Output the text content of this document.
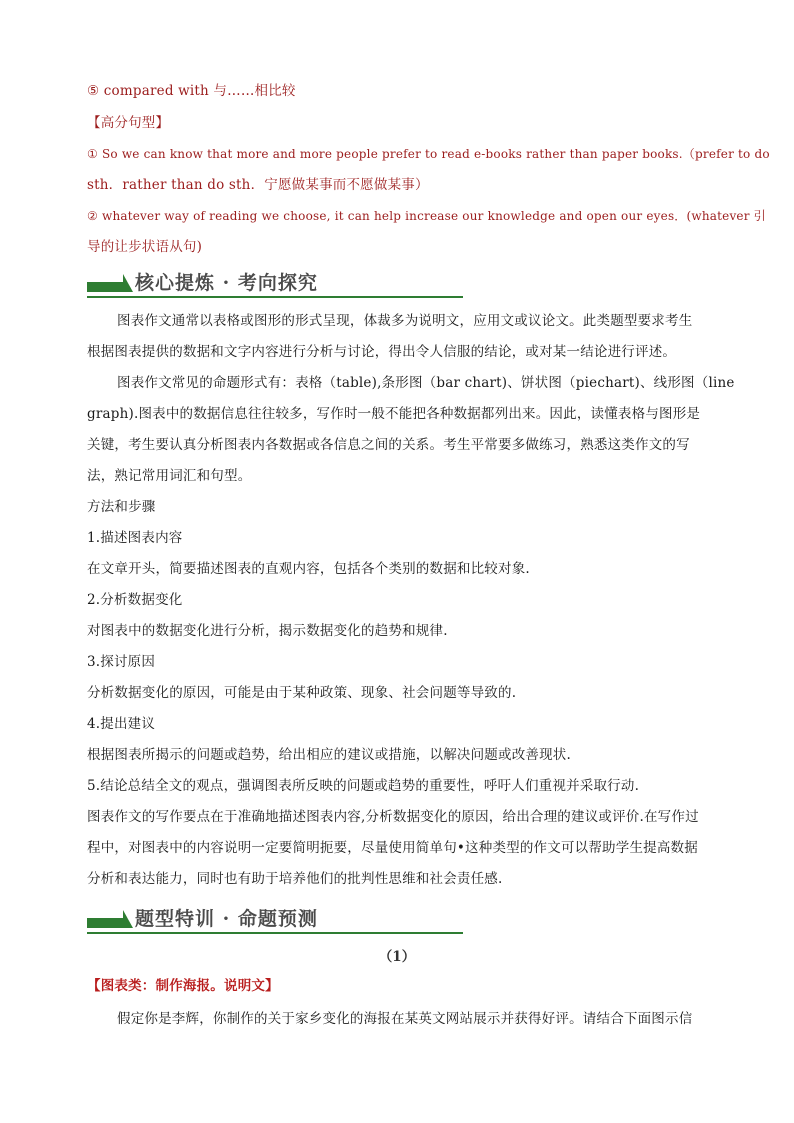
⑤ compared with 与……相比较
【高分句型】
① So we can know that more and more people prefer to read e-books rather than paper books.（prefer to do
sth．rather than do sth．宁愿做某事而不愿做某事）
② whatever way of reading we choose, it can help increase our knowledge and open our eyes．(whatever 引
导的让步状语从句)
核心提炼 · 考向探究
图表作文通常以表格或图形的形式呈现，体裁多为说明文，应用文或议论文。此类题型要求考生
根据图表提供的数据和文字内容进行分析与讨论，得出令人信服的结论，或对某一结论进行评述。
图表作文常见的命题形式有：表格（table),条形图（bar chart)、饼状图（piechart)、线形图（line
graph).图表中的数据信息往往较多，写作时一般不能把各种数据都列出来。因此，读懂表格与图形是
关键，考生要认真分析图表内各数据或各信息之间的关系。考生平常要多做练习，熟悉这类作文的写
法，熟记常用词汇和句型。
方法和步骤
1.描述图表内容
在文章开头，简要描述图表的直观内容，包括各个类别的数据和比较对象.
2.分析数据变化
对图表中的数据变化进行分析，揭示数据变化的趋势和规律.
3.探讨原因
分析数据变化的原因，可能是由于某种政策、现象、社会问题等导致的.
4.提出建议
根据图表所揭示的问题或趋势，给出相应的建议或措施，以解决问题或改善现状.
5.结论总结全文的观点，强调图表所反映的问题或趋势的重要性，呼吁人们重视并采取行动.
图表作文的写作要点在于准确地描述图表内容,分析数据变化的原因，给出合理的建议或评价.在写作过
程中，对图表中的内容说明一定要简明扼要，尽量使用简单句•这种类型的作文可以帮助学生提高数据
分析和表达能力，同时也有助于培养他们的批判性思维和社会责任感.
题型特训 · 命题预测
（1）
【图表类：制作海报。说明文】
假定你是李辉，你制作的关于家乡变化的海报在某英文网站展示并获得好评。请结合下面图示信
